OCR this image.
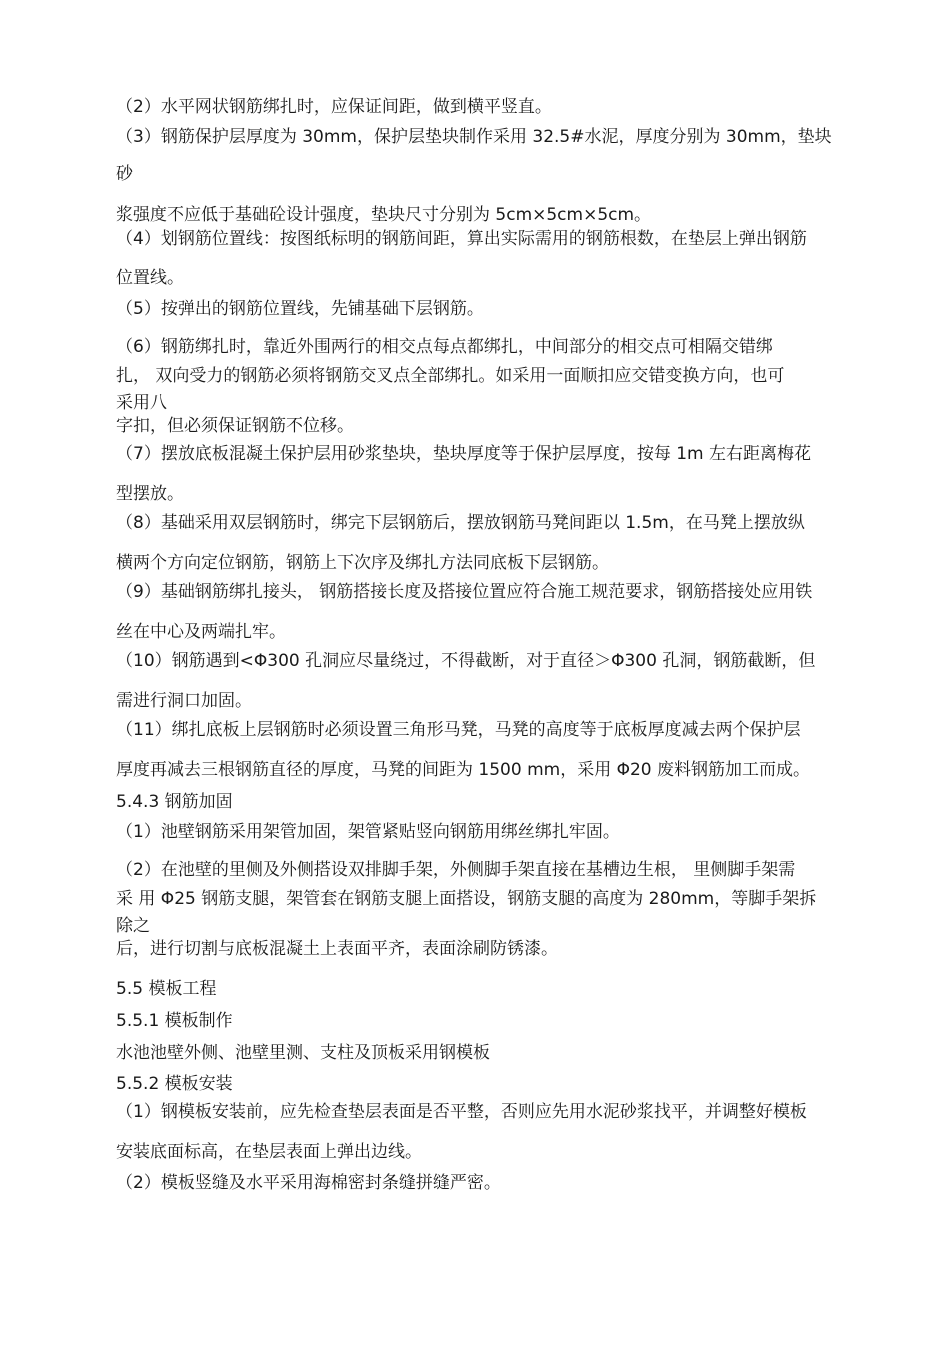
（2）水平网状钢筋绑扎时，应保证间距，做到横平竖直。
（3）钢筋保护层厚度为 30mm，保护层垫块制作采用 32.5#水泥，厚度分别为 30mm，垫块
砂
浆强度不应低于基础砼设计强度，垫块尺寸分别为 5cm×5cm×5cm。
（4）划钢筋位置线：按图纸标明的钢筋间距，算出实际需用的钢筋根数，在垫层上弹出钢筋
位置线。
（5）按弹出的钢筋位置线，先铺基础下层钢筋。
（6）钢筋绑扎时，靠近外围两行的相交点每点都绑扎，中间部分的相交点可相隔交错绑
扎， 双向受力的钢筋必须将钢筋交叉点全部绑扎。如采用一面顺扣应交错变换方向，也可
采用八
字扣，但必须保证钢筋不位移。
（7）摆放底板混凝土保护层用砂浆垫块，垫块厚度等于保护层厚度，按每 1m 左右距离梅花
型摆放。
（8）基础采用双层钢筋时，绑完下层钢筋后，摆放钢筋马凳间距以 1.5m，在马凳上摆放纵
横两个方向定位钢筋，钢筋上下次序及绑扎方法同底板下层钢筋。
（9）基础钢筋绑扎接头， 钢筋搭接长度及搭接位置应符合施工规范要求，钢筋搭接处应用铁
丝在中心及两端扎牢。
（10）钢筋遇到<Φ300 孔洞应尽量绕过，不得截断，对于直径＞Φ300 孔洞，钢筋截断，但
需进行洞口加固。
（11）绑扎底板上层钢筋时必须设置三角形马凳，马凳的高度等于底板厚度减去两个保护层
厚度再减去三根钢筋直径的厚度，马凳的间距为 1500 mm，采用 Φ20 废料钢筋加工而成。
5.4.3 钢筋加固
（1）池壁钢筋采用架管加固，架管紧贴竖向钢筋用绑丝绑扎牢固。
（2）在池壁的里侧及外侧搭设双排脚手架，外侧脚手架直接在基槽边生根， 里侧脚手架需
采 用 Φ25 钢筋支腿，架管套在钢筋支腿上面搭设，钢筋支腿的高度为 280mm，等脚手架拆
除之
后，进行切割与底板混凝土上表面平齐，表面涂刷防锈漆。
5.5 模板工程
5.5.1 模板制作
水池池壁外侧、池壁里测、支柱及顶板采用钢模板
5.5.2 模板安装
（1）钢模板安装前，应先检查垫层表面是否平整，否则应先用水泥砂浆找平，并调整好模板
安装底面标高，在垫层表面上弹出边线。
（2）模板竖缝及水平采用海棉密封条缝拼缝严密。
